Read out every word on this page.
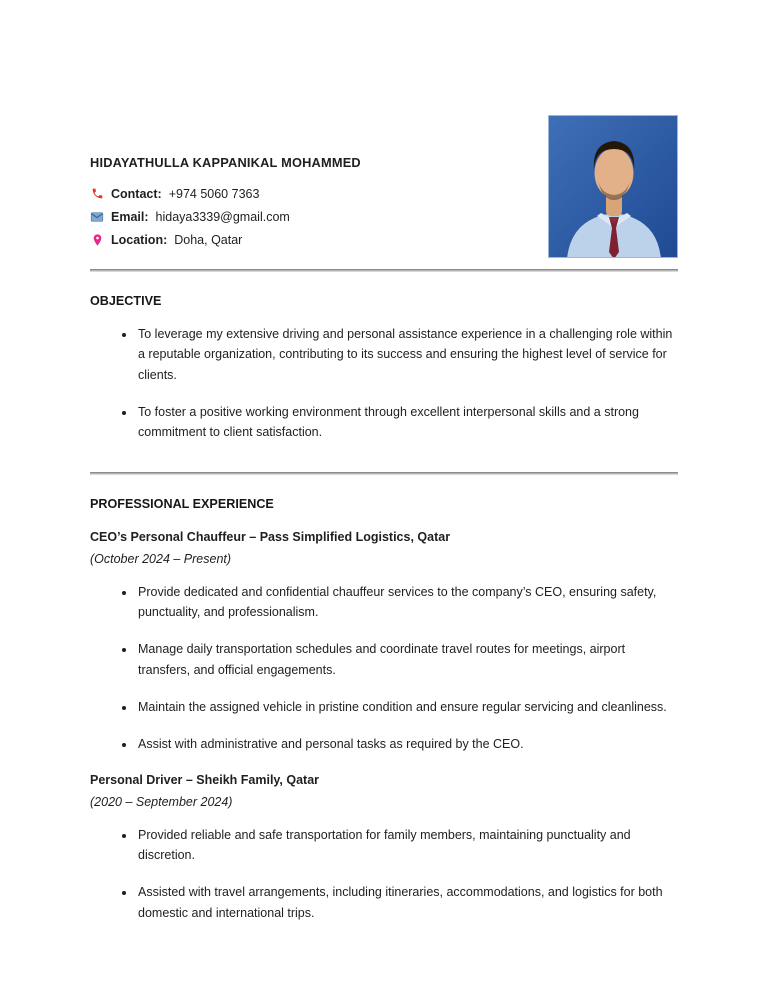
HIDAYATHULLA KAPPANIKAL MOHAMMED
Contact: +974 5060 7363
Email: hidaya3339@gmail.com
Location: Doha, Qatar
OBJECTIVE
• To leverage my extensive driving and personal assistance experience in a challenging role within a reputable organization, contributing to its success and ensuring the highest level of service for clients.
• To foster a positive working environment through excellent interpersonal skills and a strong commitment to client satisfaction.
PROFESSIONAL EXPERIENCE
CEO’s Personal Chauffeur – Pass Simplified Logistics, Qatar
(October 2024 – Present)
• Provide dedicated and confidential chauffeur services to the company’s CEO, ensuring safety, punctuality, and professionalism.
• Manage daily transportation schedules and coordinate travel routes for meetings, airport transfers, and official engagements.
• Maintain the assigned vehicle in pristine condition and ensure regular servicing and cleanliness.
• Assist with administrative and personal tasks as required by the CEO.
Personal Driver – Sheikh Family, Qatar
(2020 – September 2024)
• Provided reliable and safe transportation for family members, maintaining punctuality and discretion.
• Assisted with travel arrangements, including itineraries, accommodations, and logistics for both domestic and international trips.
